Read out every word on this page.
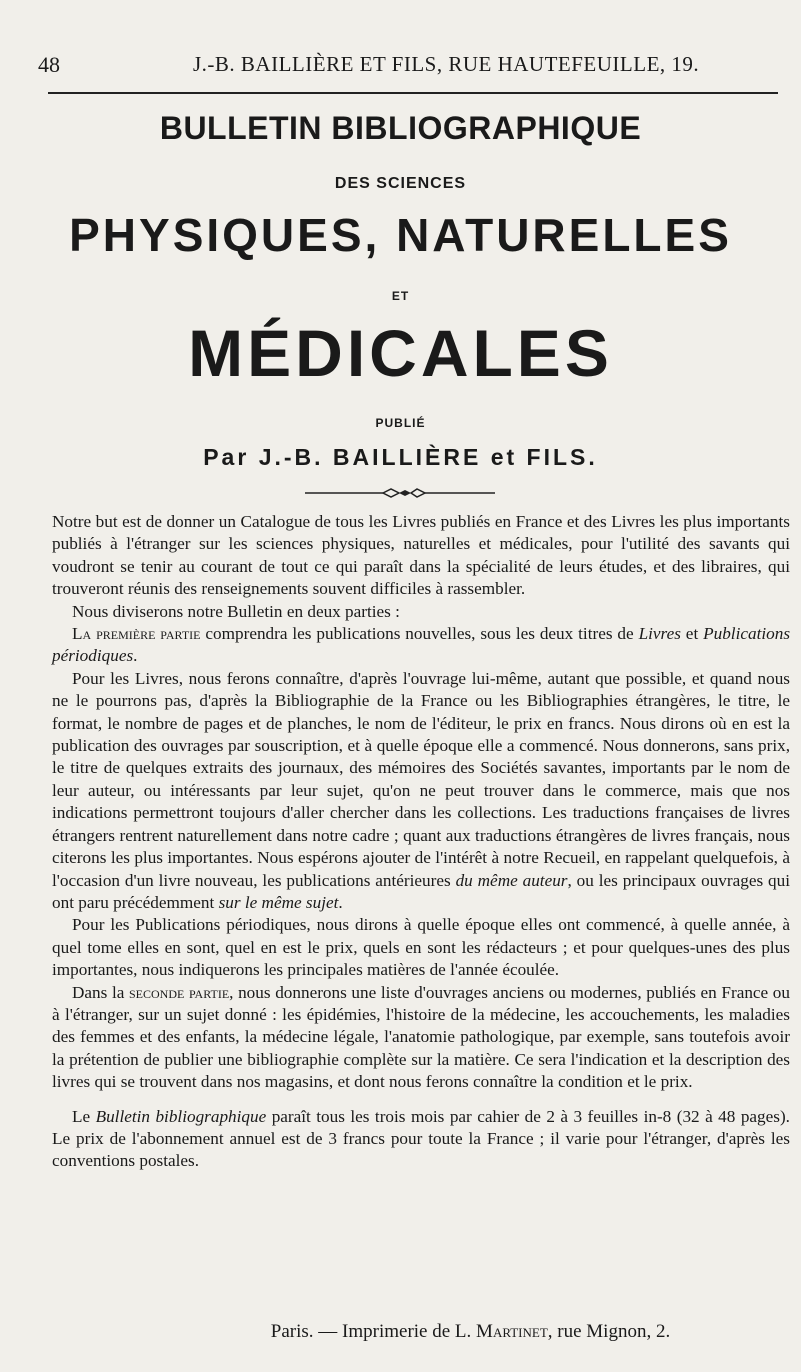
48	J.-B. BAILLIÈRE ET FILS, RUE HAUTEFEUILLE, 19.
BULLETIN BIBLIOGRAPHIQUE
DES SCIENCES
PHYSIQUES, NATURELLES
ET
MÉDICALES
PUBLIÉ
Par J.-B. BAILLIÈRE et FILS.

Notre but est de donner un Catalogue de tous les Livres publiés en France et des Livres les plus importants publiés à l'étranger sur les sciences physiques, naturelles et médicales, pour l'utilité des savants qui voudront se tenir au courant de tout ce qui paraît dans la spécialité de leurs études, et des libraires, qui trouveront réunis des renseignements souvent difficiles à rassembler.

Nous diviserons notre Bulletin en deux parties :

La première partie comprendra les publications nouvelles, sous les deux titres de Livres et Publications périodiques.

Pour les Livres, nous ferons connaître, d'après l'ouvrage lui-même, autant que possible, et quand nous ne le pourrons pas, d'après la Bibliographie de la France ou les Bibliographies étrangères, le titre, le format, le nombre de pages et de planches, le nom de l'éditeur, le prix en francs. Nous dirons où en est la publication des ouvrages par souscription, et à quelle époque elle a commencé. Nous donnerons, sans prix, le titre de quelques extraits des journaux, des mémoires des Sociétés savantes, importants par le nom de leur auteur, ou intéressants par leur sujet, qu'on ne peut trouver dans le commerce, mais que nos indications permettront toujours d'aller chercher dans les collections. Les traductions françaises de livres étrangers rentrent naturellement dans notre cadre ; quant aux traductions étrangères de livres français, nous citerons les plus importantes. Nous espérons ajouter de l'intérêt à notre Recueil, en rappelant quelquefois, à l'occasion d'un livre nouveau, les publications antérieures du même auteur, ou les principaux ouvrages qui ont paru précédemment sur le même sujet.

Pour les Publications périodiques, nous dirons à quelle époque elles ont commencé, à quelle année, à quel tome elles en sont, quel en est le prix, quels en sont les rédacteurs ; et pour quelques-unes des plus importantes, nous indiquerons les principales matières de l'année écoulée.

Dans la seconde partie, nous donnerons une liste d'ouvrages anciens ou modernes, publiés en France ou à l'étranger, sur un sujet donné : les épidémies, l'histoire de la médecine, les accouchements, les maladies des femmes et des enfants, la médecine légale, l'anatomie pathologique, par exemple, sans toutefois avoir la prétention de publier une bibliographie complète sur la matière. Ce sera l'indication et la description des livres qui se trouvent dans nos magasins, et dont nous ferons connaître la condition et le prix.

Le Bulletin bibliographique paraît tous les trois mois par cahier de 2 à 3 feuilles in-8 (32 à 48 pages). Le prix de l'abonnement annuel est de 3 francs pour toute la France ; il varie pour l'étranger, d'après les conventions postales.

Paris. — Imprimerie de L. Martinet, rue Mignon, 2.
